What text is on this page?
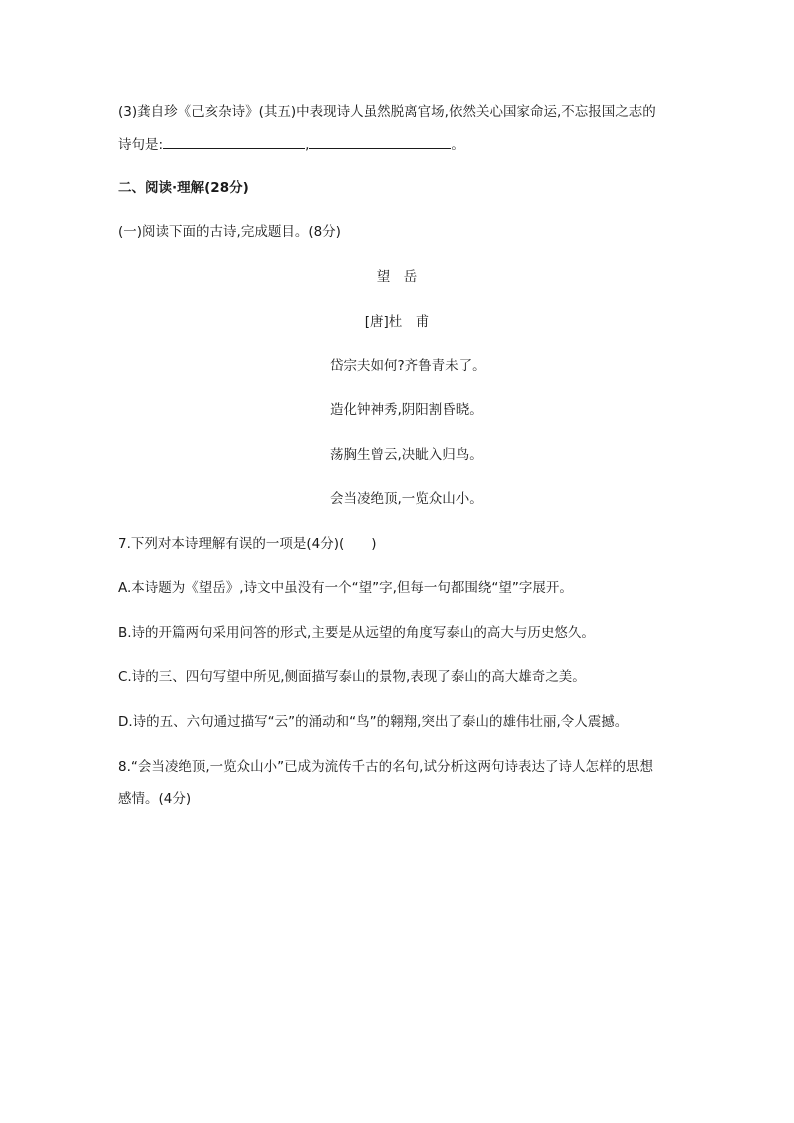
(3)龚自珍《己亥杂诗》(其五)中表现诗人虽然脱离官场,依然关心国家命运,不忘报国之志的
诗句是:	,	。
二、阅读·理解(28分)
(一)阅读下面的古诗,完成题目。(8分)
望　岳
[唐]杜　甫
岱宗夫如何?齐鲁青未了。
造化钟神秀,阴阳割昏晓。
荡胸生曾云,决眦入归鸟。
会当凌绝顶,一览众山小。
7.下列对本诗理解有误的一项是(4分)(　　)
A.本诗题为《望岳》,诗文中虽没有一个“望”字,但每一句都围绕“望”字展开。
B.诗的开篇两句采用问答的形式,主要是从远望的角度写泰山的高大与历史悠久。
C.诗的三、四句写望中所见,侧面描写泰山的景物,表现了泰山的高大雄奇之美。
D.诗的五、六句通过描写“云”的涌动和“鸟”的翱翔,突出了泰山的雄伟壮丽,令人震撼。
8.“会当凌绝顶,一览众山小”已成为流传千古的名句,试分析这两句诗表达了诗人怎样的思想
感情。(4分)
